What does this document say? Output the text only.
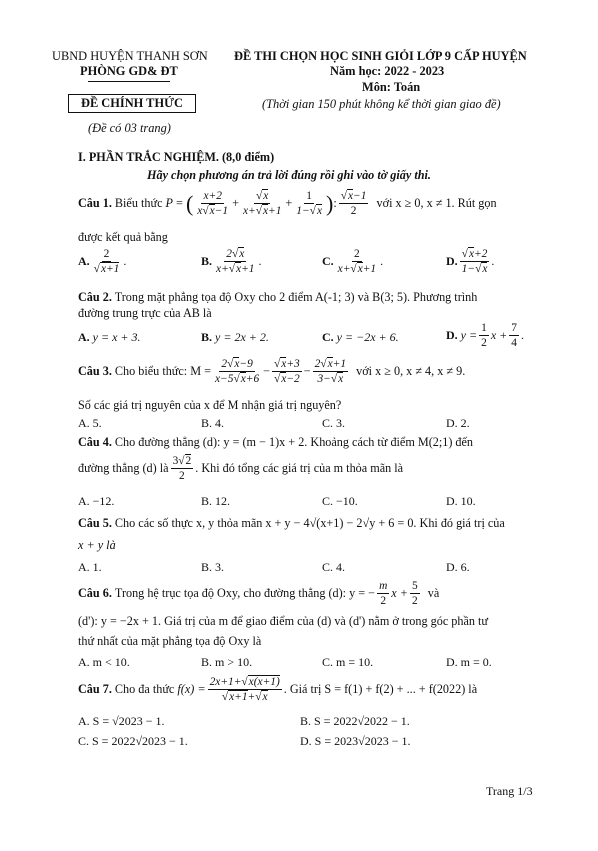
UBND HUYỆN THANH SƠN
PHÒNG GD& ĐT
ĐỀ THI CHỌN HỌC SINH GIỎI LỚP 9 CẤP HUYỆN
Năm học: 2022 - 2023
Môn: Toán
(Thời gian 150 phút không kể thời gian giao đề)
ĐỀ CHÍNH THỨC
(Đề có 03 trang)
I. PHẦN TRẮC NGHIỆM. (8,0 điểm)
Hãy chọn phương án trả lời đúng rồi ghi vào tờ giấy thi.
Câu 1.
Biểu thức
P = ( $\frac{x+2}{x √ x-1}$ + √ $\frac{x}{x+ √ x+1} + \frac{1}{1- √ x}$ ) : √ $\frac{x-1}{2}$
với x ≥ 0, x ≠ 1. Rút gọn
được kết quả bằng
A. 2
√ x+1 .	B. $\frac{2 √ x}{x+ √ x+1}$ .	C. $\frac{2}{x+ √ x+1}$ .	D. √ $\frac{x+2}{1- √ x}$ .
Câu 2. Trong mặt phẳng tọa độ Oxy cho 2 điểm A(-1; 3) và B(3; 5). Phương trình
đường trung trực của AB là
A. y = x + 3.	B. y = 2x + 2.	C. y = −2x + 6.	D.
$y = \frac{1}{2}$ $x + \frac{7}{4}$ .
Câu 3.
Cho biểu thức: $M = \frac{2 √ x-9}{x-5 √ x+6}$ − √ x+3
√ $x-2 - \frac{2 √ x+1}{3- √ x}$
với x ≥ 0, x ≠ 4, x ≠ 9.
Số các giá trị nguyên của x để M nhận giá trị nguyên?
A. 5.	B. 4.	C. 3.	D. 2.
Câu 4. Cho đường thẳng (d): y = (m − 1)x + 2. Khoảng cách từ điểm M(2;1) đến
đường thẳng (d) là $\frac{3 √ 2}{2}$ . Khi đó tổng các giá trị của m thỏa mãn là
A. −12.	B. 12.	C. −10.	D. 10.
Câu 5. Cho các số thực x, y thỏa mãn x + y − 4√(x+1) − 2√y + 6 = 0. Khi đó giá trị của
x + y là
A. 1.	B. 3.	C. 4.	D. 6.
Câu 6.
Trong hệ trục tọa độ Oxy, cho đường thẳng (d): y = − $\frac{m}{2}$ $x + \frac{5}{2}$
và
(d'): y = −2x + 1. Giá trị của m để giao điểm của (d) và (d') nằm ở trong góc phần tư
thứ nhất của mặt phẳng tọa độ Oxy là
A. m < 10.	B. m > 10.	C. m = 10.	D. m = 0.
Câu 7.
Cho đa thức
f(x) = 2x+1+ √ x(x+1)
√ x+1+ √ x . Giá trị S = f(1) + f(2) + ... + f(2022) là
A. S = √2023 − 1.	B. S = 2022√2022 − 1.
C. S = 2022√2023 − 1.	D. S = 2023√2023 − 1.
Trang 1/3
